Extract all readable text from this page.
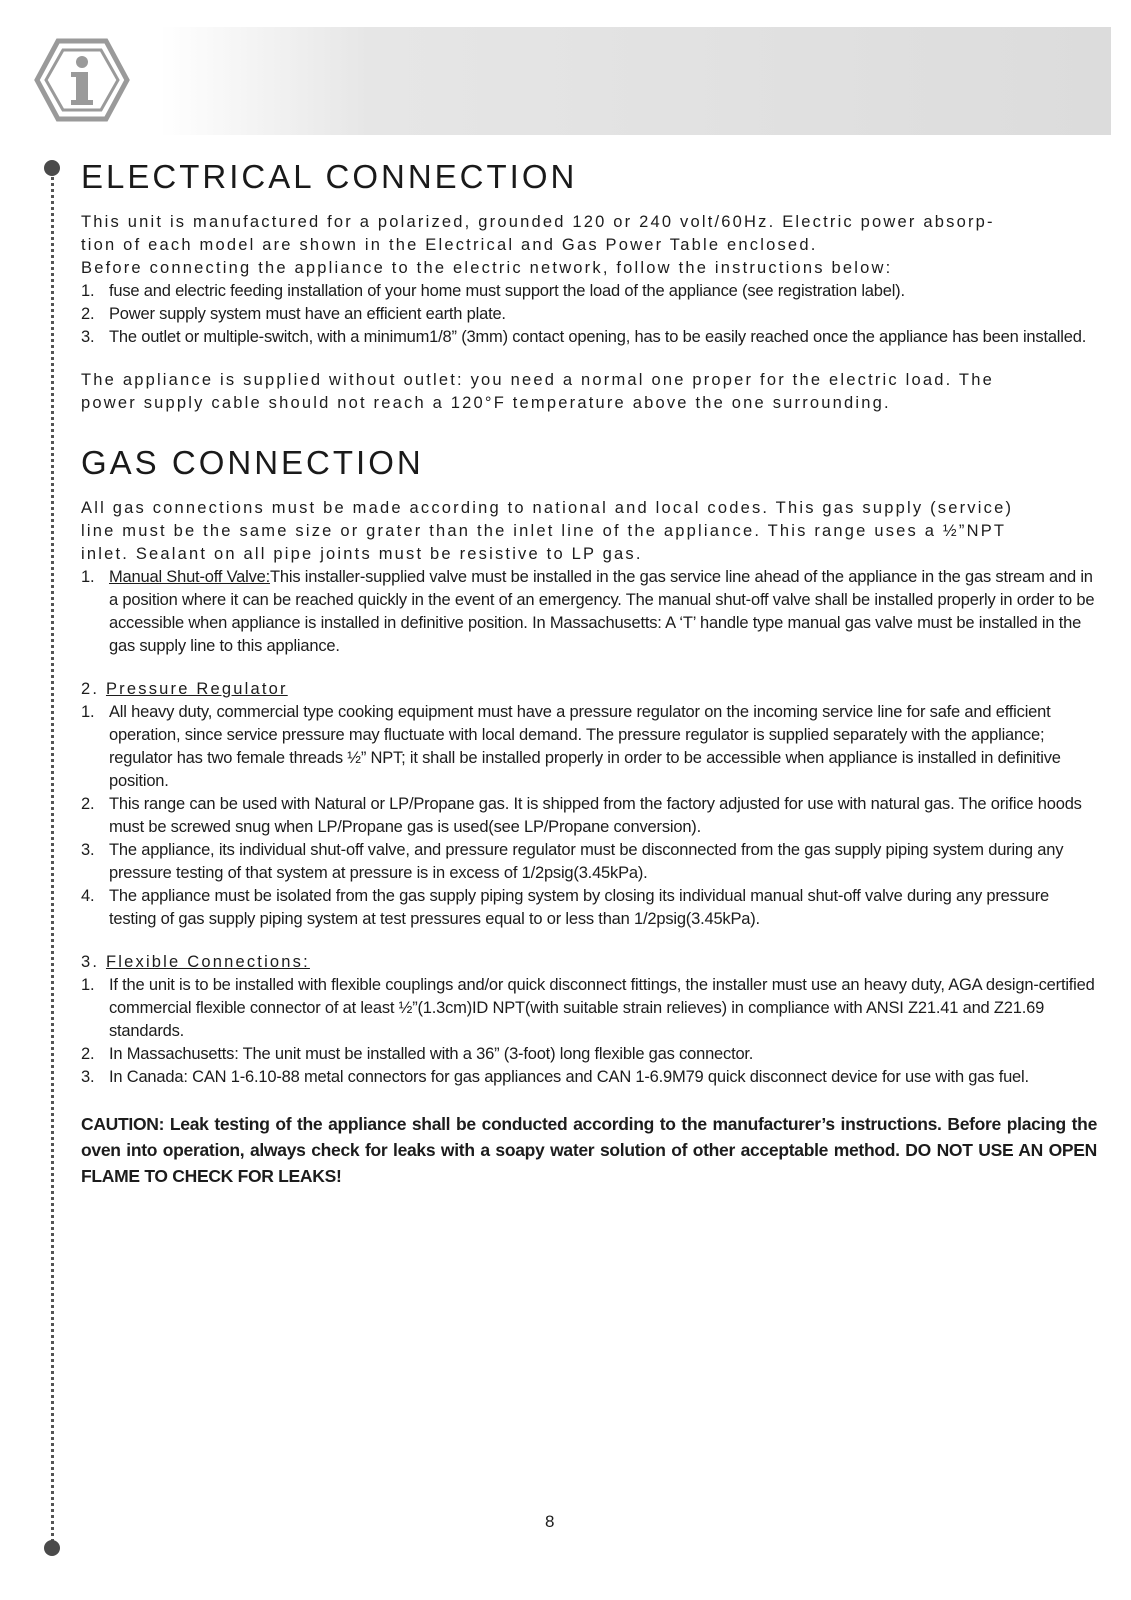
ELECTRICAL CONNECTION
This unit is manufactured for a polarized, grounded 120 or 240 volt/60Hz. Electric power absorp-
tion of each model are shown in the Electrical and Gas Power Table enclosed.
Before connecting the appliance to the electric network, follow the instructions below:
1. fuse and electric feeding installation of your home must support the load of the appliance (see registration label).
2. Power supply system must have an efficient earth plate.
3. The outlet or multiple-switch, with a minimum1/8” (3mm) contact opening, has to be easily reached once the appliance has been installed.
The appliance is supplied without outlet: you need a normal one proper for the electric load. The
power supply cable should not reach a 120°F temperature above the one surrounding.
GAS CONNECTION
All gas connections must be made according to national and local codes. This gas supply (service)
line must be the same size or grater than the inlet line of the appliance. This range uses a ½”NPT
inlet. Sealant on all pipe joints must be resistive to LP gas.
1. Manual Shut-off Valve:This installer-supplied valve must be installed in the gas service line ahead of the appliance in the gas stream and in a position where it can be reached quickly in the event of an emergency. The manual shut-off valve shall be installed properly in order to be accessible when appliance is installed in definitive position. In Massachusetts: A ‘T’ handle type manual gas valve must be installed in the gas supply line to this appliance.
2. Pressure Regulator
1. All heavy duty, commercial type cooking equipment must have a pressure regulator on the incoming service line for safe and efficient operation, since service pressure may fluctuate with local demand. The pressure regulator is supplied separately with the appliance; regulator has two female threads ½” NPT; it shall be installed properly in order to be accessible when appliance is installed in definitive position.
2. This range can be used with Natural or LP/Propane gas. It is shipped from the factory adjusted for use with natural gas. The orifice hoods must be screwed snug when LP/Propane gas is used(see LP/Propane conversion).
3. The appliance, its individual shut-off valve, and pressure regulator must be disconnected from the gas supply piping system during any pressure testing of that system at pressure is in excess of 1/2psig(3.45kPa).
4. The appliance must be isolated from the gas supply piping system by closing its individual manual shut-off valve during any pressure testing of gas supply piping system at test pressures equal to or less than 1/2psig(3.45kPa).
3. Flexible Connections:
1. If the unit is to be installed with flexible couplings and/or quick disconnect fittings, the installer must use an heavy duty, AGA design-certified commercial flexible connector of at least ½”(1.3cm)ID NPT(with suitable strain relieves) in compliance with ANSI Z21.41 and Z21.69 standards.
2. In Massachusetts: The unit must be installed with a 36” (3-foot) long flexible gas connector.
3. In Canada: CAN 1-6.10-88 metal connectors for gas appliances and CAN 1-6.9M79 quick disconnect device for use with gas fuel.
CAUTION: Leak testing of the appliance shall be conducted according to the manufacturer’s instructions. Before placing the oven into operation, always check for leaks with a soapy water solution of other acceptable method. DO NOT USE AN OPEN FLAME TO CHECK FOR LEAKS!
8
